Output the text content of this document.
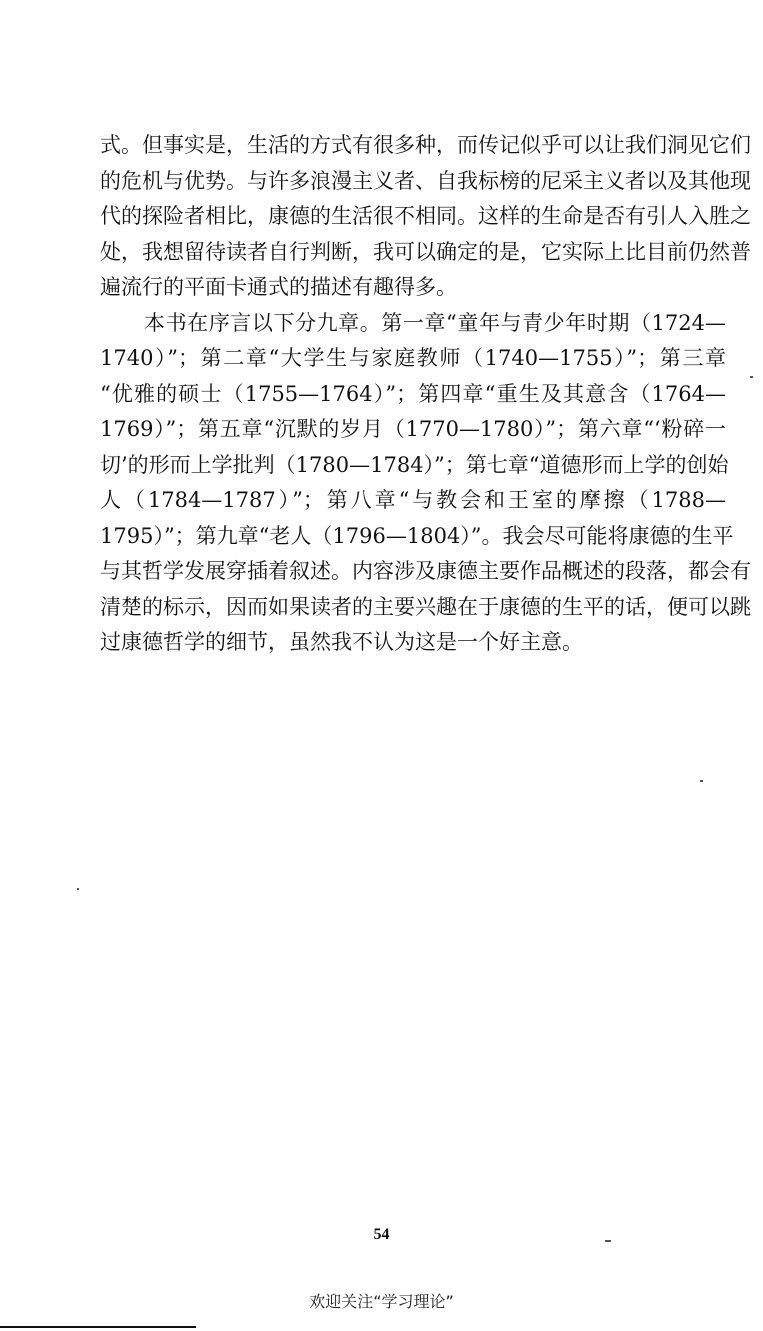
式。但事实是，生活的方式有很多种，而传记似乎可以让我们洞见它们
的危机与优势。与许多浪漫主义者、自我标榜的尼采主义者以及其他现
代的探险者相比，康德的生活很不相同。这样的生命是否有引人入胜之
处，我想留待读者自行判断，我可以确定的是，它实际上比目前仍然普
遍流行的平面卡通式的描述有趣得多。
本书在序言以下分九章。第一章“童年与青少年时期（1724—
1740）”；第二章“大学生与家庭教师（1740—1755）”；第三章
“优雅的硕士（1755—1764）”；第四章“重生及其意含（1764—
1769）”；第五章“沉默的岁月（1770—1780）”；第六章“‘粉碎一
切’的形而上学批判（1780—1784）”；第七章“道德形而上学的创始
人（1784—1787）”；第八章“与教会和王室的摩擦（1788—
1795）”；第九章“老人（1796—1804）”。我会尽可能将康德的生平
与其哲学发展穿插着叙述。内容涉及康德主要作品概述的段落，都会有
清楚的标示，因而如果读者的主要兴趣在于康德的生平的话，便可以跳
过康德哲学的细节，虽然我不认为这是一个好主意。
54
欢迎关注“学习理论”
